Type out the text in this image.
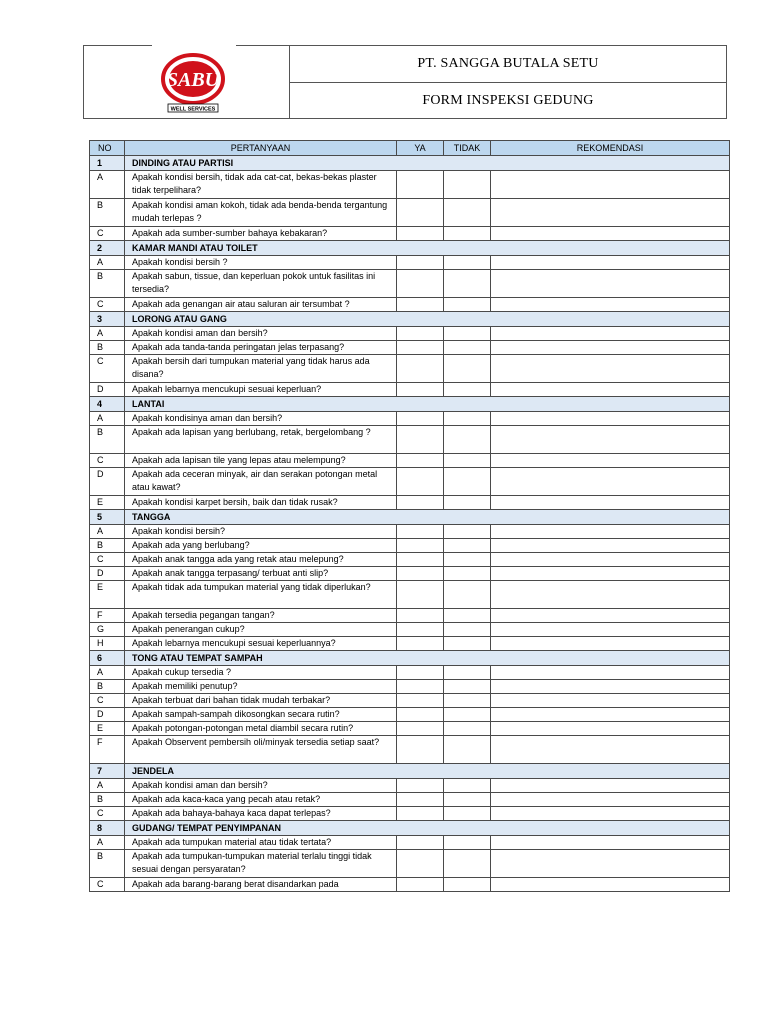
SABU
WELL SERVICES
PT. SANGGA BUTALA SETU
FORM INSPEKSI GEDUNG
NO	PERTANYAAN	YA	TIDAK	REKOMENDASI
1	DINDING ATAU PARTISI			
A	Apakah kondisi bersih, tidak ada cat-cat, bekas-bekas plaster tidak terpelihara?			
B	Apakah kondisi aman kokoh, tidak ada benda-benda tergantung mudah terlepas ?			
C	Apakah ada sumber-sumber bahaya kebakaran?			
2	KAMAR MANDI ATAU TOILET			
A	Apakah kondisi bersih ?			
B	Apakah sabun, tissue, dan keperluan pokok untuk fasilitas ini tersedia?			
C	Apakah ada genangan air atau saluran air tersumbat ?			
3	LORONG ATAU GANG			
A	Apakah kondisi aman dan bersih?			
B	Apakah ada tanda-tanda peringatan jelas terpasang?			
C	Apakah bersih dari tumpukan material yang tidak harus ada disana?			
D	Apakah lebarnya mencukupi sesuai keperluan?			
4	LANTAI			
A	Apakah kondisinya aman dan bersih?			
B	Apakah ada lapisan yang berlubang, retak, bergelombang ?			
C	Apakah ada lapisan tile yang lepas atau melempung?			
D	Apakah ada ceceran minyak, air dan serakan potongan metal atau kawat?			
E	Apakah kondisi karpet bersih, baik dan tidak rusak?			
5	TANGGA			
A	Apakah kondisi bersih?			
B	Apakah ada yang berlubang?			
C	Apakah anak tangga ada yang retak atau melepung?			
D	Apakah anak tangga terpasang/ terbuat anti slip?			
E	Apakah tidak ada tumpukan material yang tidak diperlukan?			
F	Apakah tersedia pegangan tangan?			
G	Apakah penerangan cukup?			
H	Apakah lebarnya mencukupi sesuai keperluannya?			
6	TONG ATAU TEMPAT SAMPAH			
A	Apakah cukup tersedia ?			
B	Apakah memiliki penutup?			
C	Apakah terbuat dari bahan tidak mudah terbakar?			
D	Apakah sampah-sampah dikosongkan secara rutin?			
E	Apakah potongan-potongan metal diambil secara rutin?			
F	Apakah Observent pembersih oli/minyak tersedia setiap saat?			
7	JENDELA			
A	Apakah kondisi aman dan bersih?			
B	Apakah ada kaca-kaca yang pecah atau retak?			
C	Apakah ada bahaya-bahaya kaca dapat terlepas?			
8	GUDANG/ TEMPAT PENYIMPANAN			
A	Apakah ada tumpukan material atau tidak tertata?			
B	Apakah ada tumpukan-tumpukan material terlalu tinggi tidak sesuai dengan persyaratan?			
C	Apakah ada barang-barang berat disandarkan pada			
